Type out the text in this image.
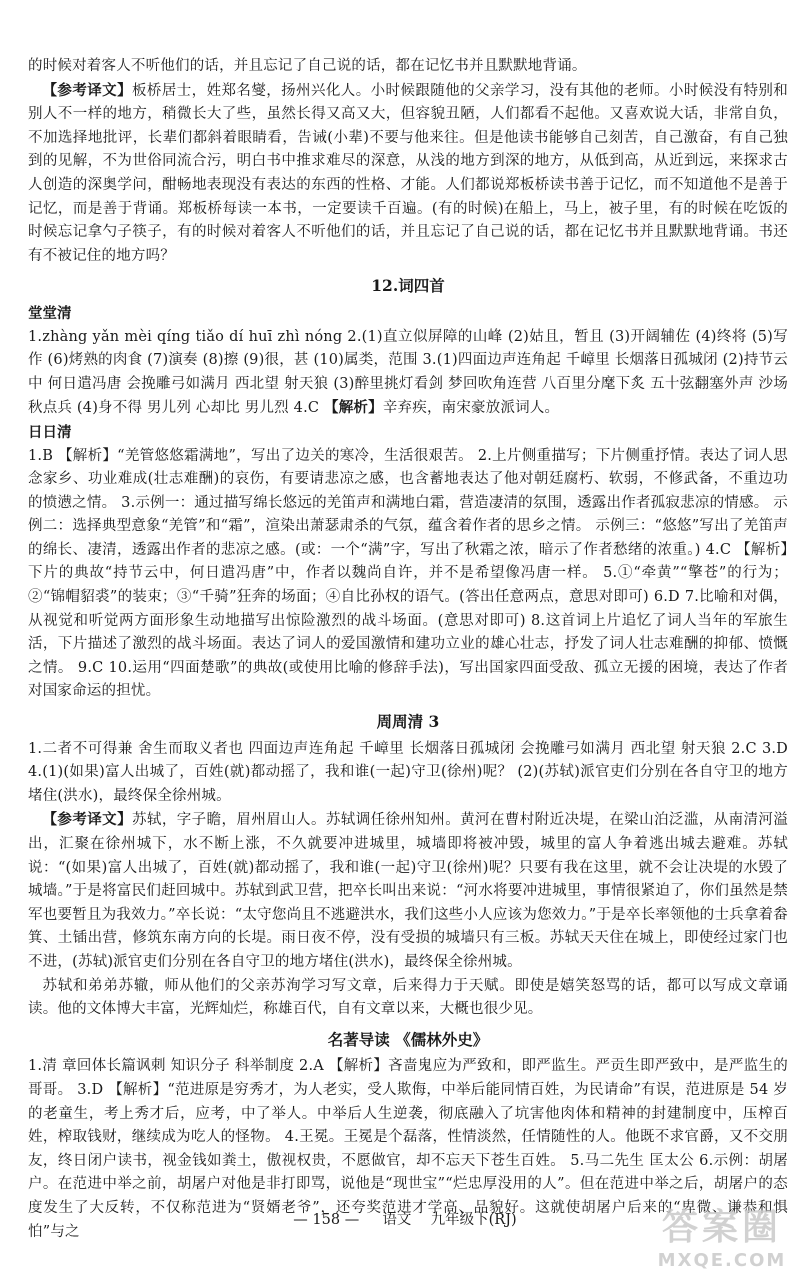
的时候对着客人不听他们的话，并且忘记了自己说的话，都在记忆书并且默默地背诵。

【参考译文】板桥居士，姓郑名燮，扬州兴化人。小时候跟随他的父亲学习，没有其他的老师。小时候没有特别和别人不一样的地方，稍微长大了些，虽然长得又高又大，但容貌丑陋，人们都看不起他。又喜欢说大话，非常自负，不加选择地批评，长辈们都斜着眼睛看，告诫(小辈)不要与他来往。但是他读书能够自己刻苦，自己激奋，有自己独到的见解，不为世俗同流合污，明白书中推求难尽的深意，从浅的地方到深的地方，从低到高，从近到远，来探求古人创造的深奥学问，酣畅地表现没有表达的东西的性格、才能。人们都说郑板桥读书善于记忆，而不知道他不是善于记忆，而是善于背诵。郑板桥每读一本书，一定要读千百遍。(有的时候)在船上，马上，被子里，有的时候在吃饭的时候忘记拿勺子筷子，有的时候对着客人不听他们的话，并且忘记了自己说的话，都在记忆书并且默默地背诵。书还有不被记住的地方吗？

12.词四首
堂堂清

1.zhàng yǎn mèi qíng tiǎo dí huī zhì nóng 2.(1)直立似屏障的山峰 (2)姑且，暂且 (3)开阔辅佐 (4)终将 (5)写作 (6)烤熟的肉食 (7)演奏 (8)擦 (9)很，甚 (10)属类，范围 3.(1)四面边声连角起 千嶂里 长烟落日孤城闭 (2)持节云中 何日遣冯唐 会挽雕弓如满月 西北望 射天狼 (3)醉里挑灯看剑 梦回吹角连营 八百里分麾下炙 五十弦翻塞外声 沙场秋点兵 (4)身不得 男儿列 心却比 男儿烈 4.C 【解析】辛弃疾，南宋豪放派词人。

日日清

1.B 【解析】“羌管悠悠霜满地”，写出了边关的寒冷，生活很艰苦。 2.上片侧重描写；下片侧重抒情。表达了词人思念家乡、功业难成(壮志难酬)的哀伤，有要请悲凉之感，也含蓄地表达了他对朝廷腐朽、软弱，不修武备，不重边功的愤懑之情。 3.示例一：通过描写绵长悠远的羌笛声和满地白霜，营造凄清的氛围，透露出作者孤寂悲凉的情感。 示例二：选择典型意象“羌管”和“霜”，渲染出萧瑟肃杀的气氛，蕴含着作者的思乡之情。 示例三：“悠悠”写出了羌笛声的绵长、凄清，透露出作者的悲凉之感。(或：一个“满”字，写出了秋霜之浓，暗示了作者愁绪的浓重。) 4.C 【解析】下片的典故“持节云中，何日遣冯唐”中，作者以魏尚自许，并不是希望像冯唐一样。 5.①“牵黄”“擎苍”的行为；②“锦帽貂裘”的装束；③“千骑”狂奔的场面；④自比孙权的语气。(答出任意两点，意思对即可) 6.D 7.比喻和对偶，从视觉和听觉两方面形象生动地描写出惊险激烈的战斗场面。(意思对即可) 8.这首词上片追忆了词人当年的军旅生活，下片描述了激烈的战斗场面。表达了词人的爱国激情和建功立业的雄心壮志，抒发了词人壮志难酬的抑郁、愤慨之情。 9.C 10.运用“四面楚歌”的典故(或使用比喻的修辞手法)，写出国家四面受敌、孤立无援的困境，表达了作者对国家命运的担忧。

周周清 3

1.二者不可得兼 舍生而取义者也 四面边声连角起 千嶂里 长烟落日孤城闭 会挽雕弓如满月 西北望 射天狼 2.C 3.D 4.(1)(如果)富人出城了，百姓(就)都动摇了，我和谁(一起)守卫(徐州)呢？ (2)(苏轼)派官吏们分别在各自守卫的地方堵住(洪水)，最终保全徐州城。

【参考译文】苏轼，字子瞻，眉州眉山人。苏轼调任徐州知州。黄河在曹村附近决堤，在梁山泊泛滥，从南清河溢出，汇聚在徐州城下，水不断上涨，不久就要冲进城里，城墙即将被冲毁，城里的富人争着逃出城去避难。苏轼说：“(如果)富人出城了，百姓(就)都动摇了，我和谁(一起)守卫(徐州)呢？只要有我在这里，就不会让决堤的水毁了城墙。”于是将富民们赶回城中。苏轼到武卫营，把卒长叫出来说：“河水将要冲进城里，事情很紧迫了，你们虽然是禁军也要暂且为我效力。”卒长说：“太守您尚且不逃避洪水，我们这些小人应该为您效力。”于是卒长率领他的士兵拿着畚箕、土锸出营，修筑东南方向的长堤。雨日夜不停，没有受损的城墙只有三板。苏轼天天住在城上，即使经过家门也不进，(苏轼)派官吏们分别在各自守卫的地方堵住(洪水)，最终保全徐州城。

苏轼和弟弟苏辙，师从他们的父亲苏洵学习写文章，后来得力于天赋。即使是嬉笑怒骂的话，都可以写成文章诵读。他的文体博大丰富，光辉灿烂，称雄百代，自有文章以来，大概也很少见。

名著导读 《儒林外史》

1.清 章回体长篇讽刺 知识分子 科举制度 2.A 【解析】吝啬鬼应为严致和，即严监生。严贡生即严致中，是严监生的哥哥。 3.D 【解析】“范进原是穷秀才，为人老实，受人欺侮，中举后能同情百姓，为民请命”有误，范进原是 54 岁的老童生，考上秀才后，应考，中了举人。中举后人生逆袭，彻底融入了坑害他肉体和精神的封建制度中，压榨百姓，榨取钱财，继续成为吃人的怪物。 4.王冕。王冕是个磊落，性情淡然，任情随性的人。他既不求官爵，又不交朋友，终日闭户读书，视金钱如粪土，傲视权贵，不愿做官，却不忘天下苍生百姓。 5.马二先生 匡太公 6.示例：胡屠户。在范进中举之前，胡屠户对他是非打即骂，说他是“现世宝”“烂忠厚没用的人”。但在范进中举之后，胡屠户的态度发生了大反转，不仅称范进为“贤婿老爷”，还夸奖范进才学高、品貌好。这就使胡屠户后来的“卑微、谦恭和惧怕”与之

— 158 — 语文 九年级下(RJ)	答案圈
MXQE.COM
